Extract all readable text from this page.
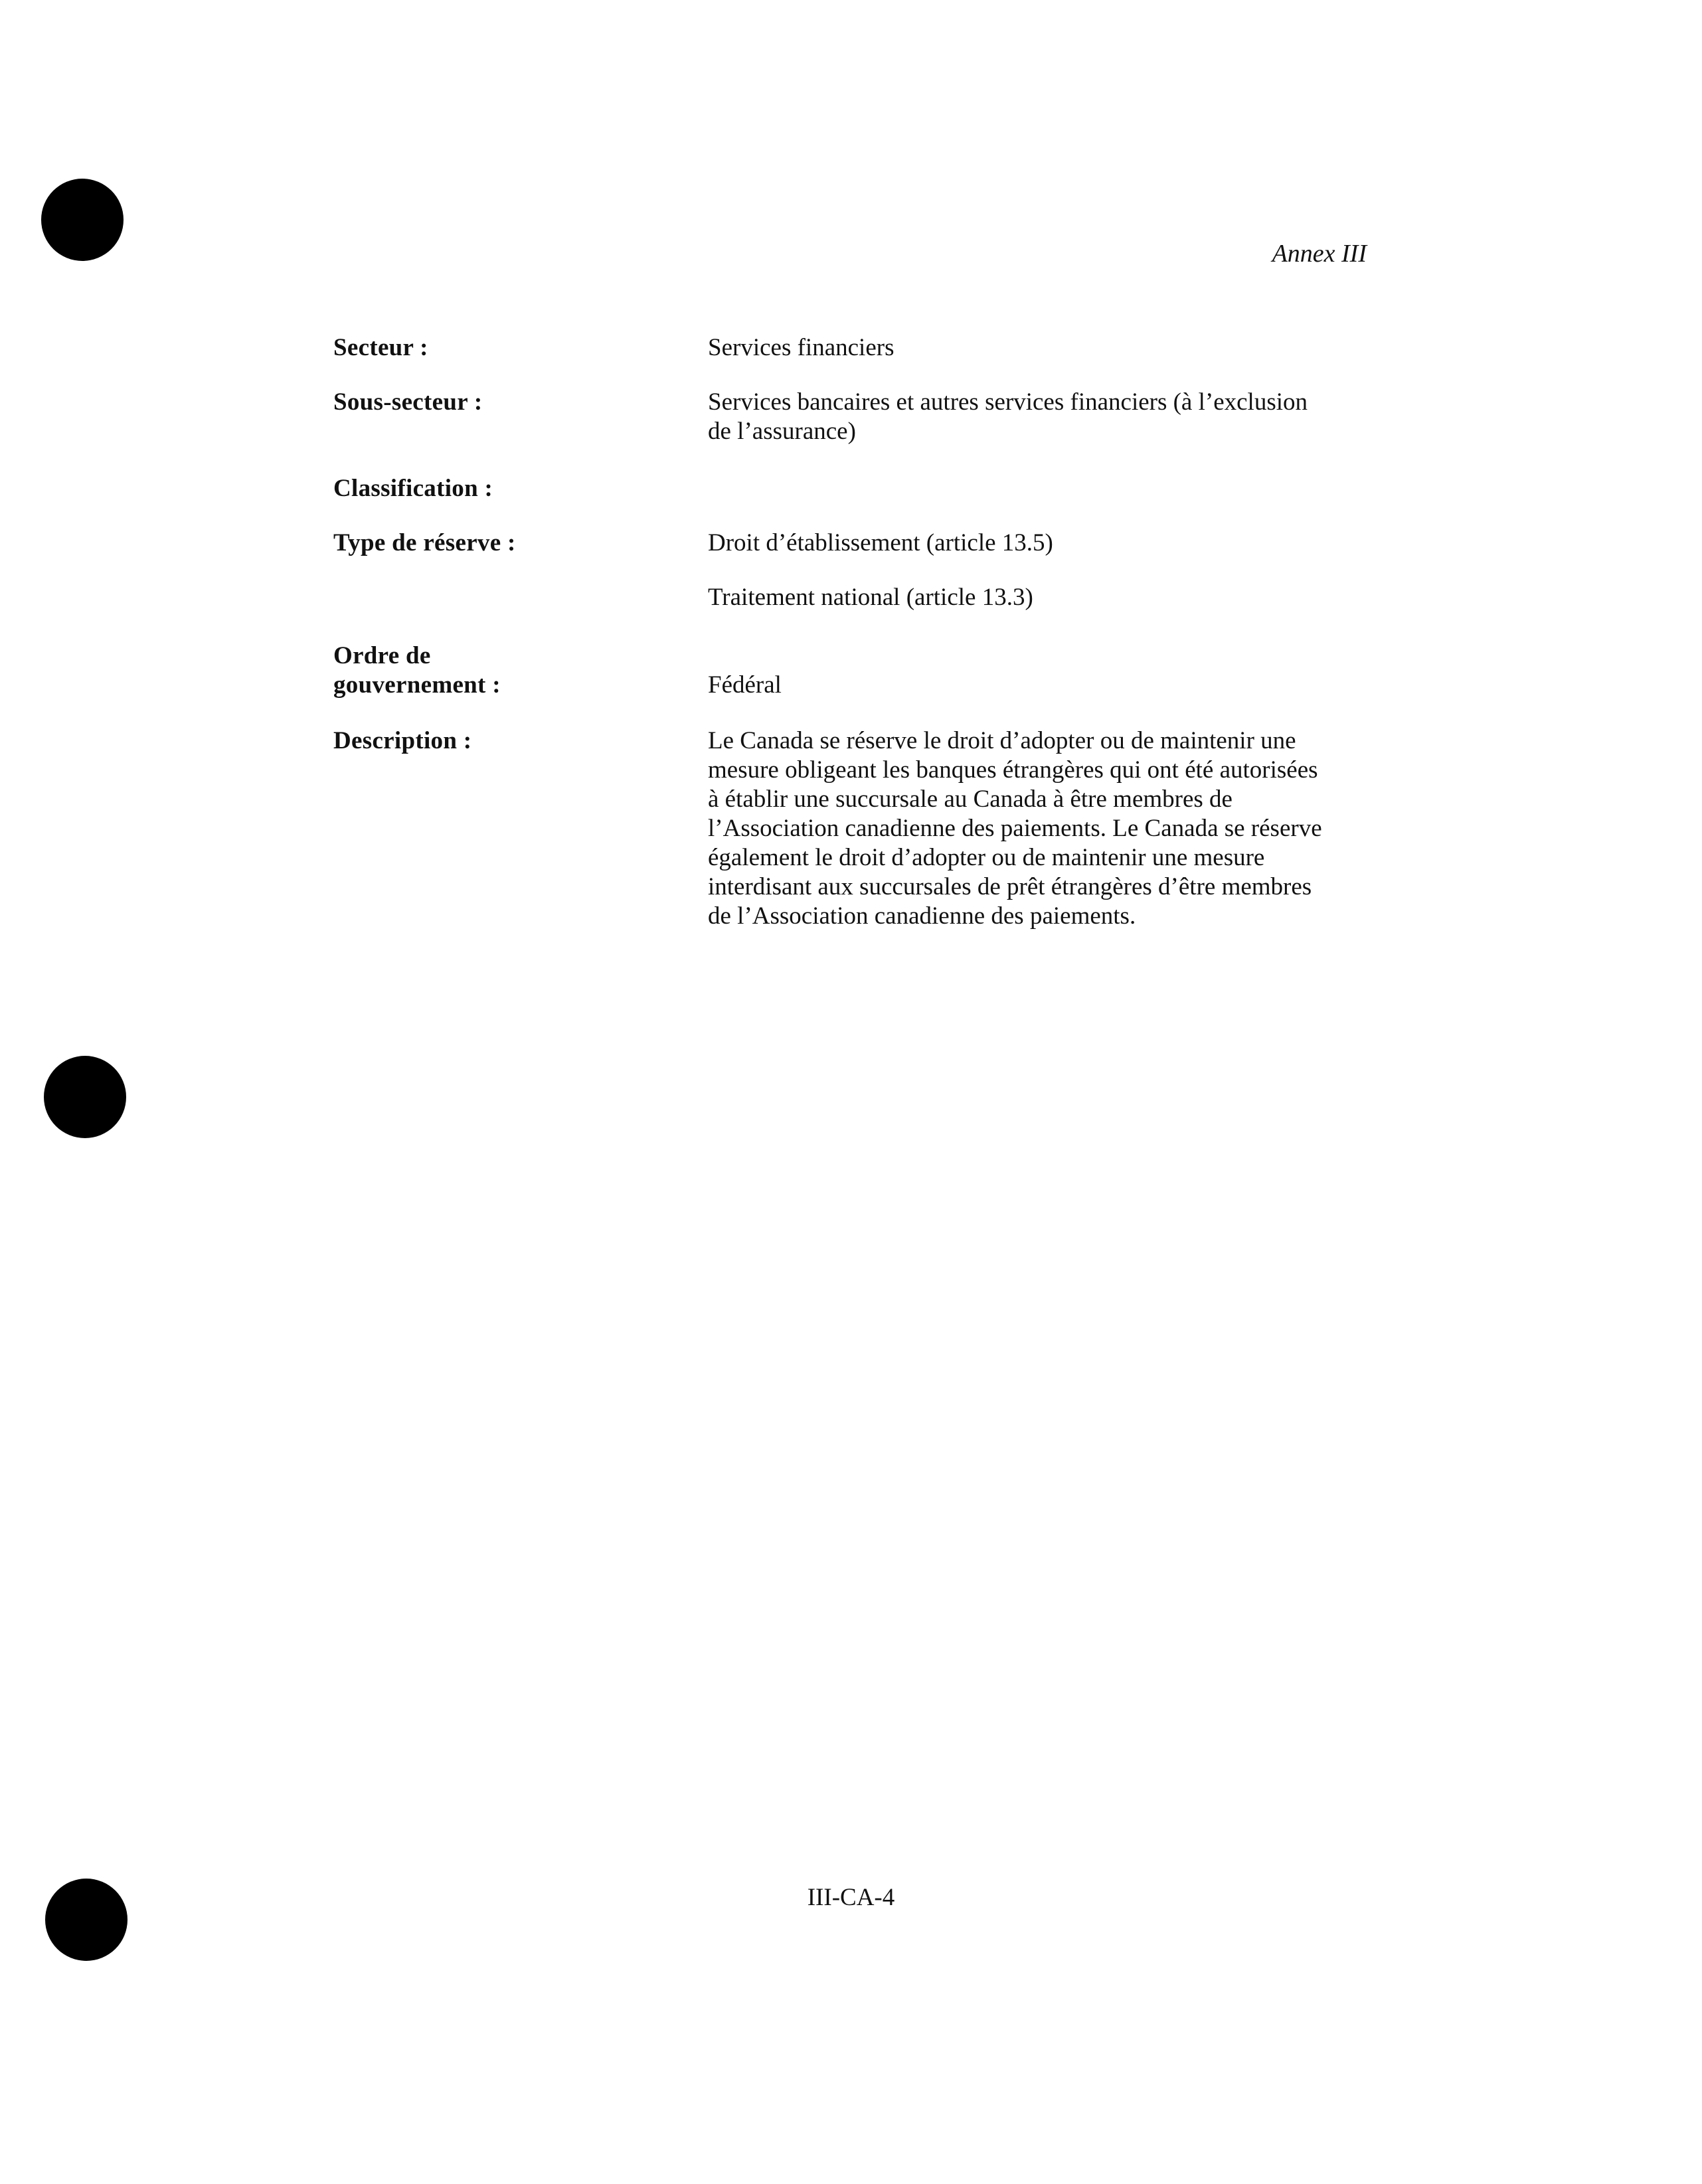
Annex III
Secteur :	Services financiers
Sous-secteur :	Services bancaires et autres services financiers (à l’exclusion
de l’assurance)
Classification :
Type de réserve :	Droit d’établissement (article 13.5)
Traitement national (article 13.3)
Ordre de
gouvernement :	Fédéral
Description :	Le Canada se réserve le droit d’adopter ou de maintenir une
mesure obligeant les banques étrangères qui ont été autorisées
à établir une succursale au Canada à être membres de
l’Association canadienne des paiements. Le Canada se réserve
également le droit d’adopter ou de maintenir une mesure
interdisant aux succursales de prêt étrangères d’être membres
de l’Association canadienne des paiements.
III-CA-4
